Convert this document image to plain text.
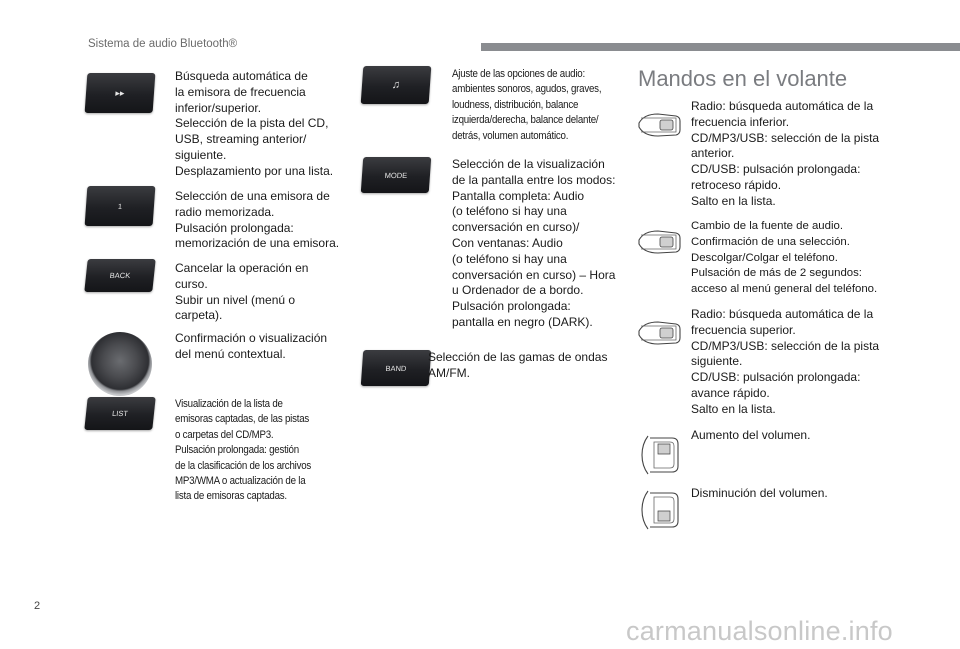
Sistema de audio Bluetooth®
▸▸
1
BACK
LIST
Búsqueda automática de
la emisora de frecuencia
inferior/superior.
Selección de la pista del CD,
USB, streaming anterior/
siguiente.
Desplazamiento por una lista.
Selección de una emisora de
radio memorizada.
Pulsación prolongada:
memorización de una emisora.
Cancelar la operación en
curso.
Subir un nivel (menú o
carpeta).
Confirmación o visualización
del menú contextual.
Visualización de la lista de
emisoras captadas, de las pistas
o carpetas del CD/MP3.
Pulsación prolongada: gestión
de la clasificación de los archivos
MP3/WMA o actualización de la
lista de emisoras captadas.
♫
MODE
BAND
Ajuste de las opciones de audio:
ambientes sonoros, agudos, graves,
loudness, distribución, balance
izquierda/derecha, balance delante/
detrás, volumen automático.
Selección de la visualización
de la pantalla entre los modos:
Pantalla completa: Audio
(o teléfono si hay una
conversación en curso)/
Con ventanas: Audio
(o teléfono si hay una
conversación en curso) – Hora
u Ordenador de a bordo.
Pulsación prolongada:
pantalla en negro (DARK).
Selección de las gamas de ondas
AM/FM.
Mandos en el volante
Radio: búsqueda automática de la
frecuencia inferior.
CD/MP3/USB: selección de la pista
anterior.
CD/USB: pulsación prolongada:
retroceso rápido.
Salto en la lista.
Cambio de la fuente de audio.
Confirmación de una selección.
Descolgar/Colgar el teléfono.
Pulsación de más de 2 segundos:
acceso al menú general del teléfono.
Radio: búsqueda automática de la
frecuencia superior.
CD/MP3/USB: selección de la pista
siguiente.
CD/USB: pulsación prolongada:
avance rápido.
Salto en la lista.
Aumento del volumen.
Disminución del volumen.
2
carmanualsonline.info
